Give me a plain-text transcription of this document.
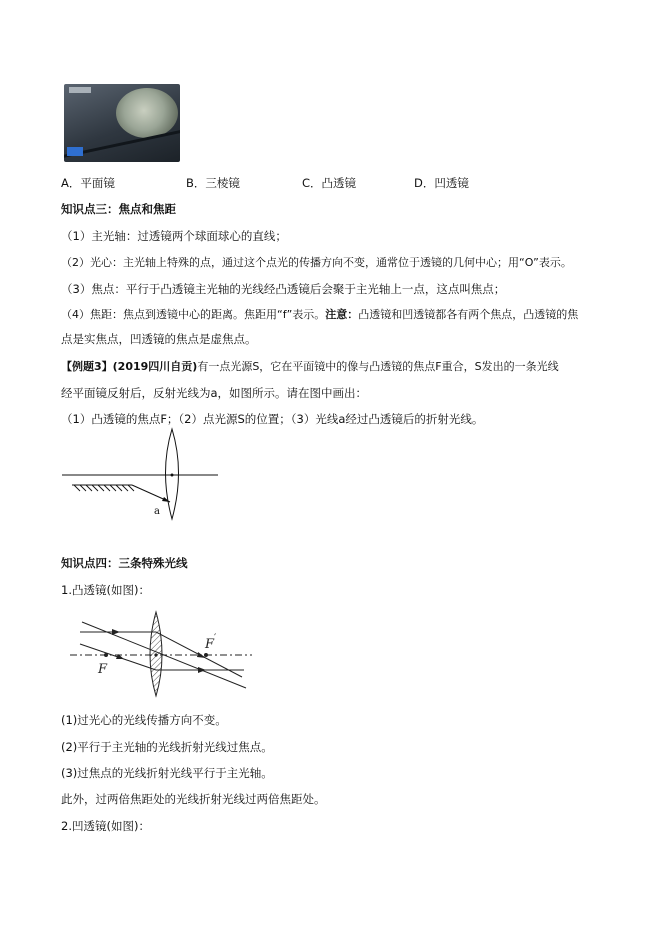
A．平面镜	B．三棱镜	C．凸透镜	D．凹透镜
知识点三：焦点和焦距
（1）主光轴：过透镜两个球面球心的直线；
（2）光心：主光轴上特殊的点，通过这个点光的传播方向不变，通常位于透镜的几何中心；用“O”表示。
（3）焦点：平行于凸透镜主光轴的光线经凸透镜后会聚于主光轴上一点，这点叫焦点；
（4）焦距：焦点到透镜中心的距离。焦距用“f”表示。注意：凸透镜和凹透镜都各有两个焦点，凸透镜的焦
点是实焦点，凹透镜的焦点是虚焦点。
【例题3】(2019四川自贡)有一点光源S，它在平面镜中的像与凸透镜的焦点F重合，S发出的一条光线
经平面镜反射后，反射光线为a，如图所示。请在图中画出：
（1）凸透镜的焦点F；（2）点光源S的位置；（3）光线a经过凸透镜后的折射光线。
a
知识点四：三条特殊光线
1.凸透镜(如图)：
F
F ′
(1)过光心的光线传播方向不变。
(2)平行于主光轴的光线折射光线过焦点。
(3)过焦点的光线折射光线平行于主光轴。
此外，过两倍焦距处的光线折射光线过两倍焦距处。
2.凹透镜(如图)：
